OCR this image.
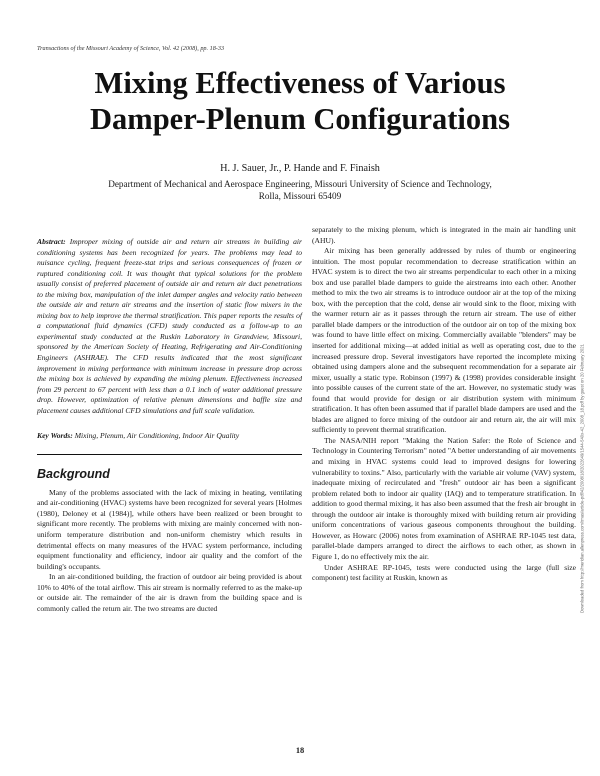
Transactions of the Missouri Academy of Science, Vol. 42 (2008), pp. 18-33
Mixing Effectiveness of Various
Damper-Plenum Configurations
H. J. Sauer, Jr., P. Hande and F. Finaish
Department of Mechanical and Aerospace Engineering, Missouri University of Science and Technology,
Rolla, Missouri 65409
Downloaded from http://meridian.allenpress.com/tmas/article-pdf/42/2008/18/2022649/1544-540x-42_2008_18.pdf by guest on 20 February 2021

Abstract: Improper mixing of outside air and return air streams in building air conditioning systems has been recognized for years. The problems may lead to nuisance cycling, frequent freeze-stat trips and serious consequences of frozen or ruptured conditioning coil. It was thought that typical solutions for the problem usually consist of preferred placement of outside air and return air duct penetrations to the mixing box, manipulation of the inlet damper angles and velocity ratio between the outside air and return air streams and the insertion of static flow mixers in the mixing box to help improve the thermal stratification. This paper reports the results of a computational fluid dynamics (CFD) study conducted as a follow-up to an experimental study conducted at the Ruskin Laboratory in Grandview, Missouri, sponsored by the American Society of Heating, Refrigerating and Air-Conditioning Engineers (ASHRAE). The CFD results indicated that the most significant improvement in mixing performance with minimum increase in pressure drop across the mixing box is achieved by expanding the mixing plenum. Effectiveness increased from 29 percent to 67 percent with less than a 0.1 inch of water additional pressure drop. However, optimization of relative plenum dimensions and baffle size and placement causes additional CFD simulations and full scale validation.

Key Words: Mixing, Plenum, Air Conditioning, Indoor Air Quality

Background

Many of the problems associated with the lack of mixing in heating, ventilating and air-conditioning (HVAC) systems have been recognized for several years [Holmes (1980), Deloney et al (1984)], while others have been realized or been brought to significant more recently. The problems with mixing are mainly concerned with non-uniform temperature distribution and non-uniform chemistry which results in detrimental effects on many measures of the HVAC system performance, including equipment functionality and efficiency, indoor air quality and the comfort of the building's occupants.

In an air-conditioned building, the fraction of outdoor air being provided is about 10% to 40% of the total airflow. This air stream is normally referred to as the make-up or outside air. The remainder of the air is drawn from the building space and is commonly called the return air. The two streams are ducted

separately to the mixing plenum, which is integrated in the main air handling unit (AHU).

Air mixing has been generally addressed by rules of thumb or engineering intuition. The most popular recommendation to decrease stratification within an HVAC system is to direct the two air streams perpendicular to each other in a mixing box and use parallel blade dampers to guide the airstreams into each other. Another method to mix the two air streams is to introduce outdoor air at the top of the mixing box, with the perception that the cold, dense air would sink to the floor, mixing with the warmer return air as it passes through the return air stream. The use of either parallel blade dampers or the introduction of the outdoor air on top of the mixing box was found to have little effect on mixing. Commercially available "blenders" may be inserted for additional mixing—at added initial as well as operating cost, due to the increased pressure drop. Several investigators have reported the incomplete mixing obtained using dampers alone and the subsequent recommendation for a separate air mixer, usually a static type. Robinson (1997) & (1998) provides considerable insight into possible causes of the current state of the art. However, no systematic study was found that would provide for design or air distribution system with minimum stratification. It has often been assumed that if parallel blade dampers are used and the blades are aligned to force mixing of the outdoor air and return air, the air will mix sufficiently to prevent thermal stratification.

The NASA/NIH report "Making the Nation Safer: the Role of Science and Technology in Countering Terrorism" noted "A better understanding of air movements and mixing in HVAC systems could lead to improved designs for lowering vulnerability to toxins." Also, particularly with the variable air volume (VAV) system, inadequate mixing of recirculated and "fresh" outdoor air has been a significant problem related both to indoor air quality (IAQ) and to temperature stratification. In addition to good thermal mixing, it has also been assumed that the fresh air brought in through the outdoor air intake is thoroughly mixed with building return air providing uniform concentrations of various gaseous components throughout the building. However, as Howarc (2006) notes from examination of ASHRAE RP-1045 test data, parallel-blade dampers arranged to direct the airflows to each other, as shown in Figure 1, do no effectively mix the air.

Under ASHRAE RP-1045, tests were conducted using the large (full size component) test facility at Ruskin, known as

18
